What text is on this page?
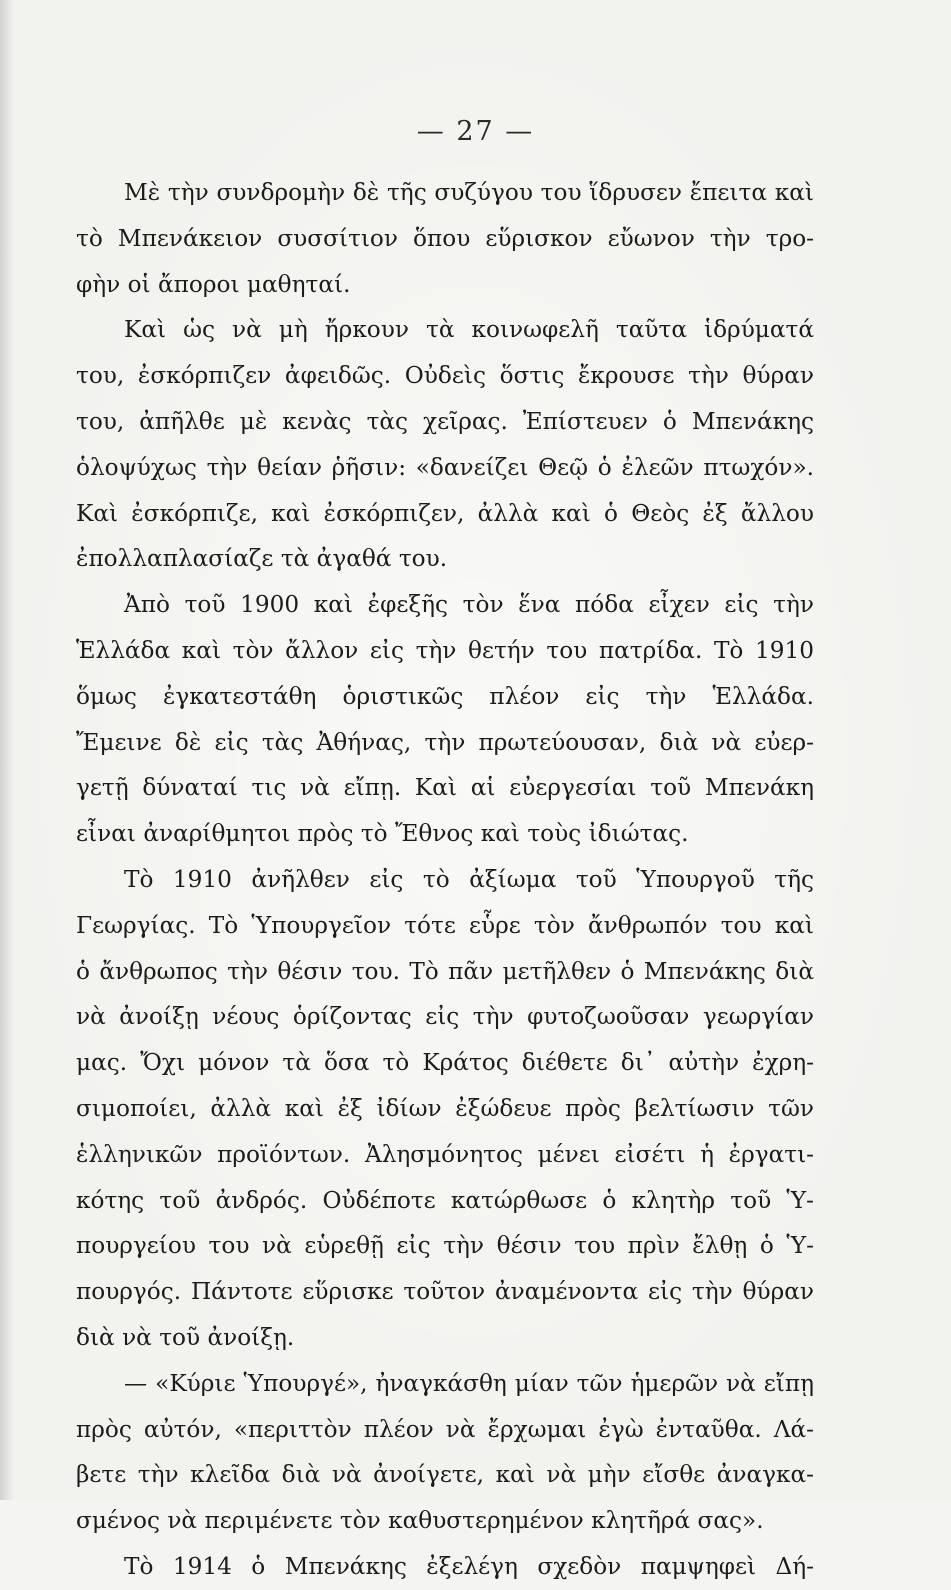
— 27 —
Μὲ τὴν συνδρομὴν δὲ τῆς συζύγου του ἵδρυσεν ἔπειτα καὶ
τὸ Μπενάκειον συσσίτιον ὅπου εὕρισκον εὔωνον τὴν τρο-
φὴν οἱ ἄποροι μαθηταί.
Καὶ ὡς νὰ μὴ ἤρκουν τὰ κοινωφελῆ ταῦτα ἱδρύματά
του, ἐσκόρπιζεν ἀφειδῶς. Οὐδεὶς ὅστις ἔκρουσε τὴν θύραν
του, ἀπῆλθε μὲ κενὰς τὰς χεῖρας. Ἐπίστευεν ὁ Μπενάκης
ὁλοψύχως τὴν θείαν ῥῆσιν: «δανείζει Θεῷ ὁ ἐλεῶν πτωχόν».
Καὶ ἐσκόρπιζε, καὶ ἐσκόρπιζεν, ἀλλὰ καὶ ὁ Θεὸς ἐξ ἄλλου
ἐπολλαπλασίαζε τὰ ἀγαθά του.
Ἀπὸ τοῦ 1900 καὶ ἐφεξῆς τὸν ἕνα πόδα εἶχεν εἰς τὴν
Ἑλλάδα καὶ τὸν ἄλλον εἰς τὴν θετήν του πατρίδα. Τὸ 1910
ὅμως ἐγκατεστάθη ὁριστικῶς πλέον εἰς τὴν Ἑλλάδα.
Ἔμεινε δὲ εἰς τὰς Ἀθήνας, τὴν πρωτεύουσαν, διὰ νὰ εὐερ-
γετῇ δύναταί τις νὰ εἴπῃ. Καὶ αἱ εὐεργεσίαι τοῦ Μπενάκη
εἶναι ἀναρίθμητοι πρὸς τὸ Ἔθνος καὶ τοὺς ἰδιώτας.
Τὸ 1910 ἀνῆλθεν εἰς τὸ ἀξίωμα τοῦ Ὑπουργοῦ τῆς
Γεωργίας. Τὸ Ὑπουργεῖον τότε εὗρε τὸν ἄνθρωπόν του καὶ
ὁ ἄνθρωπος τὴν θέσιν του. Τὸ πᾶν μετῆλθεν ὁ Μπενάκης διὰ
νὰ ἀνοίξῃ νέους ὁρίζοντας εἰς τὴν φυτοζωοῦσαν γεωργίαν
μας. Ὄχι μόνον τὰ ὅσα τὸ Κράτος διέθετε δι᾽ αὐτὴν ἐχρη-
σιμοποίει, ἀλλὰ καὶ ἐξ ἰδίων ἐξώδευε πρὸς βελτίωσιν τῶν
ἑλληνικῶν προϊόντων. Ἀλησμόνητος μένει εἰσέτι ἡ ἐργατι-
κότης τοῦ ἀνδρός. Οὐδέποτε κατώρθωσε ὁ κλητὴρ τοῦ Ὑ-
πουργείου του νὰ εὑρεθῇ εἰς τὴν θέσιν του πρὶν ἔλθῃ ὁ Ὑ-
πουργός. Πάντοτε εὕρισκε τοῦτον ἀναμένοντα εἰς τὴν θύραν
διὰ νὰ τοῦ ἀνοίξῃ.
— «Κύριε Ὑπουργέ», ἠναγκάσθη μίαν τῶν ἡμερῶν νὰ εἴπῃ
πρὸς αὐτόν, «περιττὸν πλέον νὰ ἔρχωμαι ἐγὼ ἐνταῦθα. Λά-
βετε τὴν κλεῖδα διὰ νὰ ἀνοίγετε, καὶ νὰ μὴν εἴσθε ἀναγκα-
σμένος νὰ περιμένετε τὸν καθυστερημένον κλητῆρά σας».
Τὸ 1914 ὁ Μπενάκης ἐξελέγη σχεδὸν παμψηφεὶ Δή-
